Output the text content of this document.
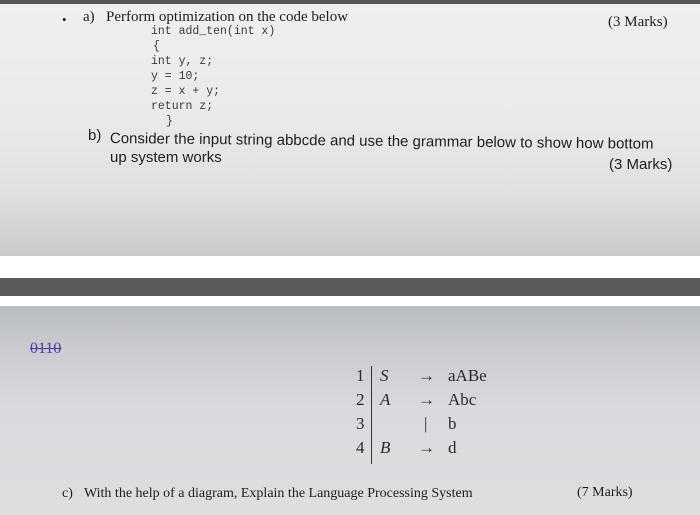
• a) Perform optimization on the code below	(3 Marks)
int add_ten(int x)
{
int y, z;
y = 10;
z = x + y;
return z;
}
b) Consider the input string abbcde and use the grammar below to show how bottom
up system works	(3 Marks)
0110
1 S → aABe
2 A → Abc
3	| b
4 B → d
c) With the help of a diagram, Explain the Language Processing System	(7 Marks)
